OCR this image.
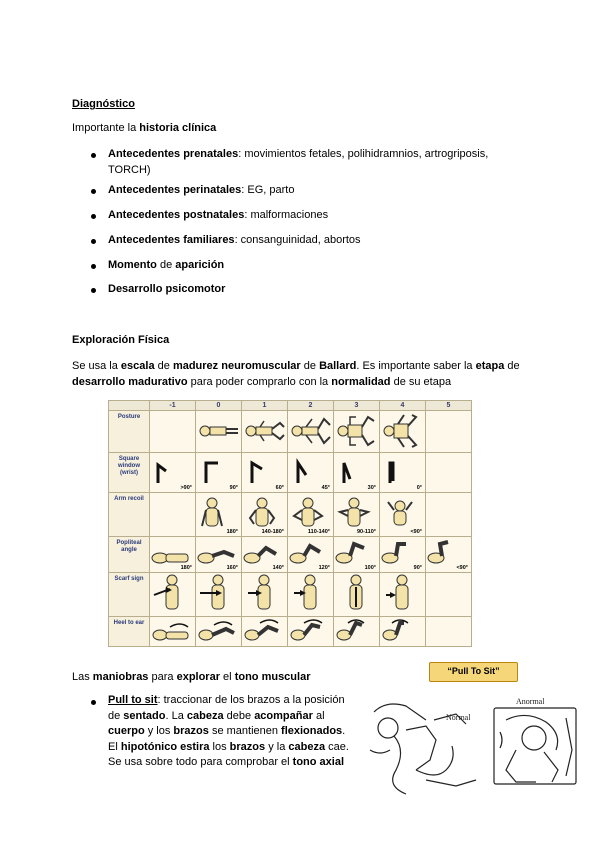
Diagnóstico
Importante la historia clínica
Antecedentes prenatales: movimientos fetales, polihidramnios, artrogriposis, TORCH)
Antecedentes perinatales: EG, parto
Antecedentes postnatales: malformaciones
Antecedentes familiares: consanguinidad, abortos
Momento de aparición
Desarrollo psicomotor
Exploración Física
Se usa la escala de madurez neuromuscular de Ballard. Es importante saber la etapa de
desarrollo madurativo para poder comprarlo con la normalidad de su etapa
	-1	0	1	2	3	4	5
Posture							
Square window (wrist)	>90°	90°	60°	45°	30°	0°	

Arm recoil		180°	140-180°	110-140°	90-110°	<90°	

Popliteal angle	180°	160°	140°	120°	100°	90°	<90°

Scarf sign							
Heel to ear							
Las maniobras para explorar el tono muscular	“Pull To Sit”
Pull to sit: traccionar de los brazos a la posición
de sentado. La cabeza debe acompañar al
cuerpo y los brazos se mantienen flexionados.
El hipotónico estira los brazos y la cabeza cae.
Se usa sobre todo para comprobar el tono axial
Normal
Anormal
